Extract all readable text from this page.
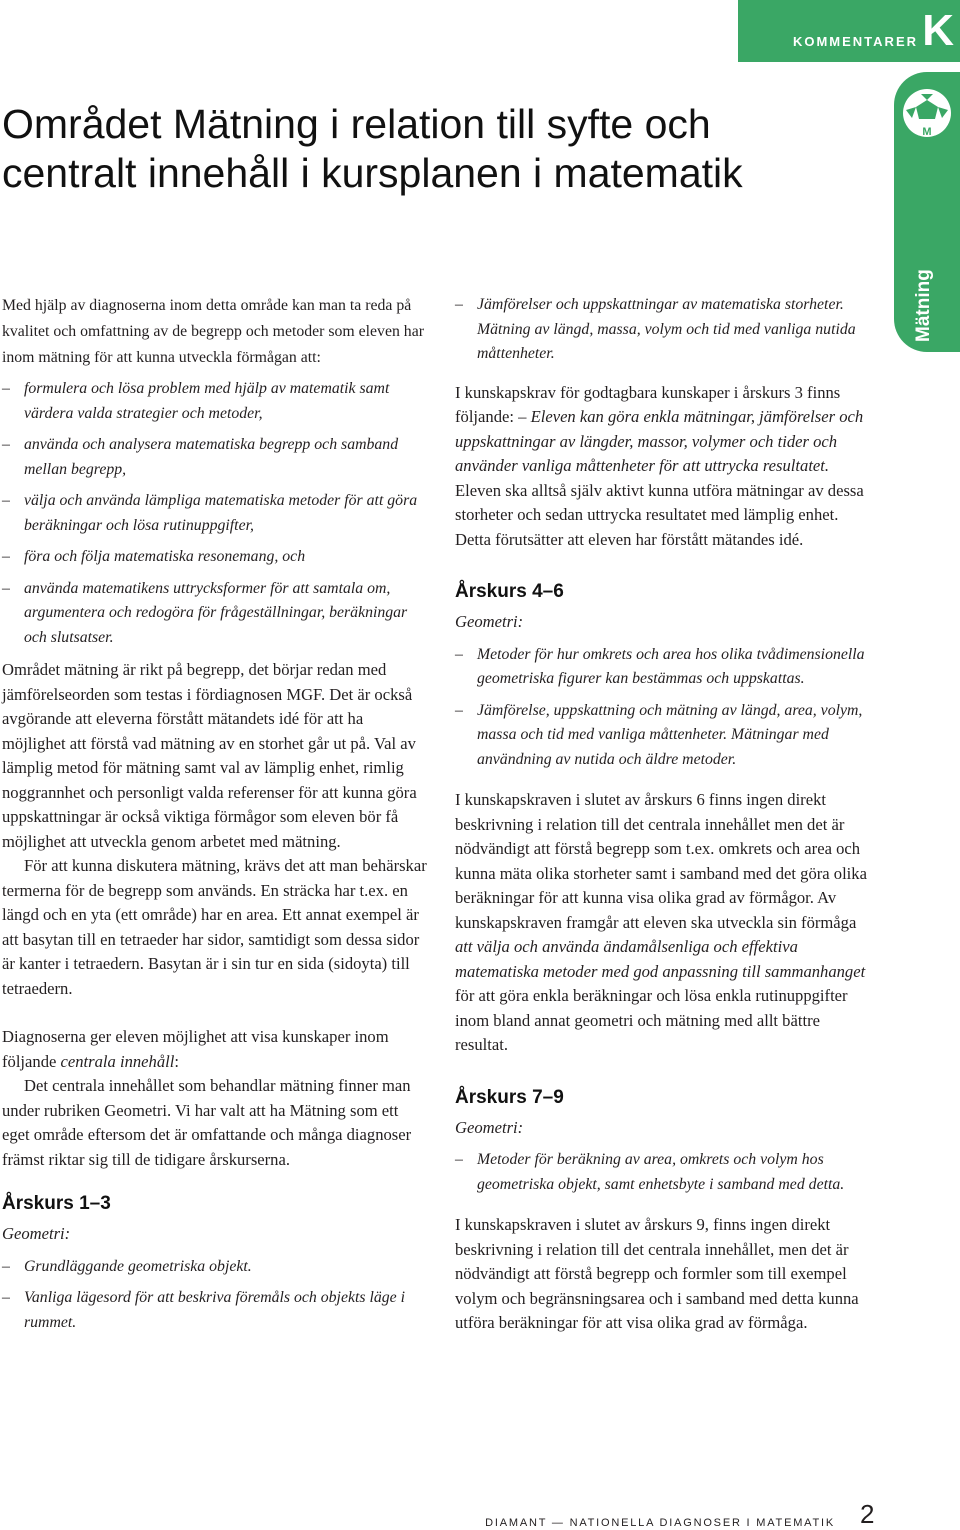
KOMMENTARER K
M
Mätning
Området Mätning i relation till syfte och centralt innehåll i kursplanen i matematik

Med hjälp av diagnoserna inom detta område kan man ta reda på kvalitet och omfattning av de begrepp och metoder som eleven har inom mätning för att kunna utveckla förmågan att:

– formulera och lösa problem med hjälp av matematik samt värdera valda strategier och metoder,
– använda och analysera matematiska begrepp och samband mellan begrepp,
– välja och använda lämpliga matematiska metoder för att göra beräkningar och lösa rutinuppgifter,
– föra och följa matematiska resonemang, och
– använda matematikens uttrycksformer för att samtala om, argumentera och redogöra för frågeställningar, beräkningar och slutsatser.

Området mätning är rikt på begrepp, det börjar redan med jämförelseorden som testas i fördiagnosen MGF. Det är också avgörande att eleverna förstått mätandets idé för att ha möjlighet att förstå vad mätning av en storhet går ut på. Val av lämplig metod för mätning samt val av lämplig enhet, rimlig noggrannhet och personligt valda referenser för att kunna göra uppskattningar är också viktiga förmågor som eleven bör få möjlighet att utveckla genom arbetet med mätning.

För att kunna diskutera mätning, krävs det att man behärskar termerna för de begrepp som används. En sträcka har t.ex. en längd och en yta (ett område) har en area. Ett annat exempel är att basytan till en tetraeder har sidor, samtidigt som dessa sidor är kanter i tetraedern. Basytan är i sin tur en sida (sidoyta) till tetraedern.

Diagnoserna ger eleven möjlighet att visa kunskaper inom följande centrala innehåll:

Det centrala innehållet som behandlar mätning finner man under rubriken Geometri. Vi har valt att ha Mätning som ett eget område eftersom det är omfattande och många diagnoser främst riktar sig till de tidigare årskurserna.

Årskurs 1–3

Geometri:

– Grundläggande geometriska objekt.
– Vanliga lägesord för att beskriva föremåls och objekts läge i rummet.
– Jämförelser och uppskattningar av matematiska storheter. Mätning av längd, massa, volym och tid med vanliga nutida måttenheter.

I kunskapskrav för godtagbara kunskaper i årskurs 3 finns följande: – Eleven kan göra enkla mätningar, jämförelser och uppskattningar av längder, massor, volymer och tider och använder vanliga måttenheter för att uttrycka resultatet. Eleven ska alltså själv aktivt kunna utföra mätningar av dessa storheter och sedan uttrycka resultatet med lämplig enhet. Detta förutsätter att eleven har förstått mätandes idé.

Årskurs 4–6

Geometri:

– Metoder för hur omkrets och area hos olika tvådimensionella geometriska figurer kan bestämmas och uppskattas.
– Jämförelse, uppskattning och mätning av längd, area, volym, massa och tid med vanliga måttenheter. Mätningar med användning av nutida och äldre metoder.

I kunskapskraven i slutet av årskurs 6 finns ingen direkt beskrivning i relation till det centrala innehållet men det är nödvändigt att förstå begrepp som t.ex. omkrets och area och kunna mäta olika storheter samt i samband med det göra olika beräkningar för att kunna visa olika grad av förmågor. Av kunskapskraven framgår att eleven ska utveckla sin förmåga att välja och använda ändamålsenliga och effektiva matematiska metoder med god anpassning till sammanhanget för att göra enkla beräkningar och lösa enkla rutinuppgifter inom bland annat geometri och mätning med allt bättre resultat.

Årskurs 7–9

Geometri:

– Metoder för beräkning av area, omkrets och volym hos geometriska objekt, samt enhetsbyte i samband med detta.

I kunskapskraven i slutet av årskurs 9, finns ingen direkt beskrivning i relation till det centrala innehållet, men det är nödvändigt att förstå begrepp och formler som till exempel volym och begränsningsarea och i samband med detta kunna utföra beräkningar för att visa olika grad av förmåga.

DIAMANT — NATIONELLA DIAGNOSER I MATEMATIK 2
